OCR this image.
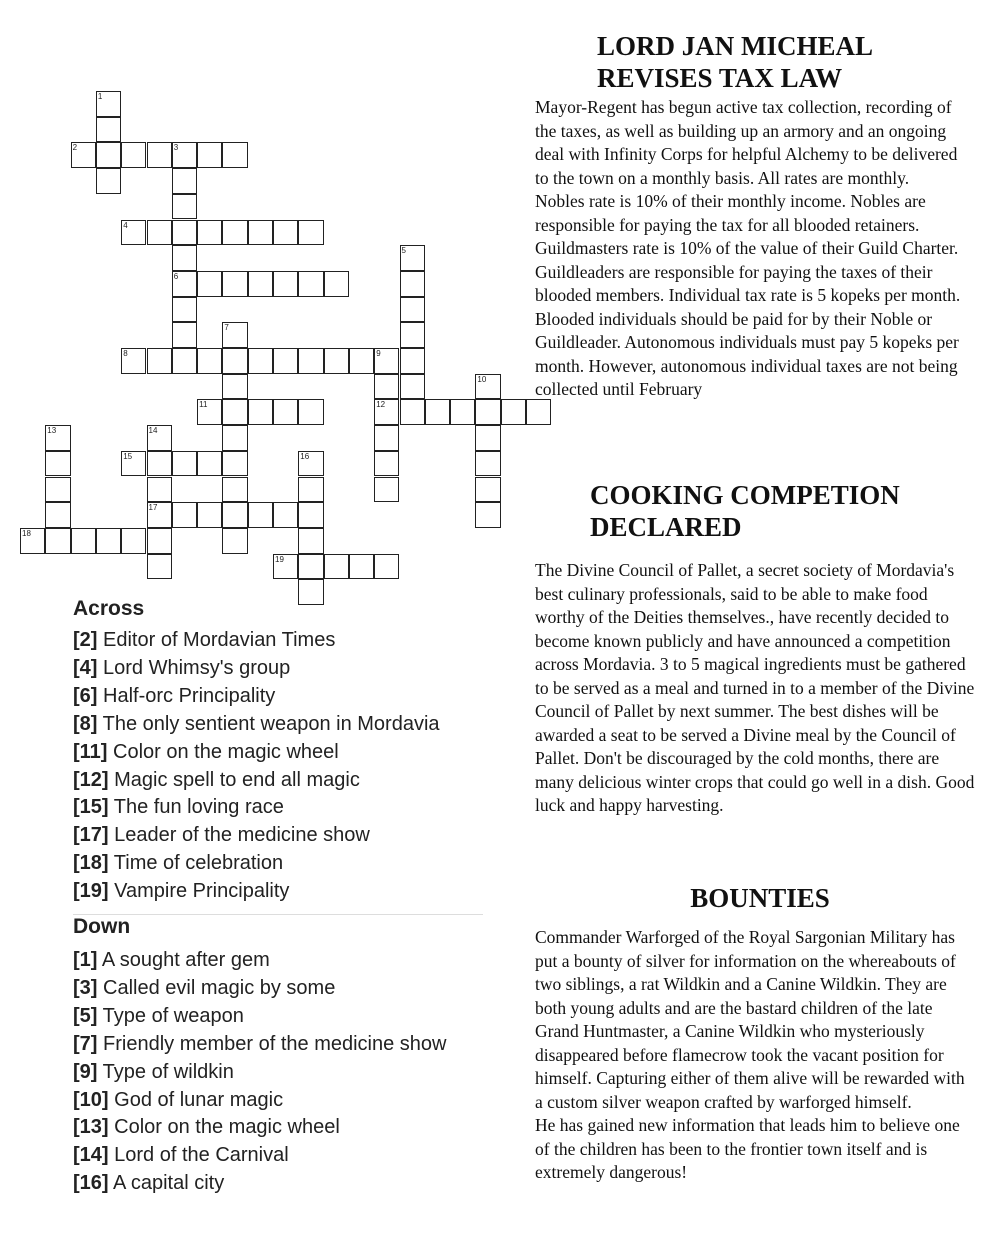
1
2	3
4
5
6
7
8	9
10
11	12
13	14
15	16
17
18
19
Across
[2] Editor of Mordavian Times
[4] Lord Whimsy's group
[6] Half-orc Principality
[8] The only sentient weapon in Mordavia
[11] Color on the magic wheel
[12] Magic spell to end all magic
[15] The fun loving race
[17] Leader of the medicine show
[18] Time of celebration
[19] Vampire Principality
Down
[1] A sought after gem
[3] Called evil magic by some
[5] Type of weapon
[7] Friendly member of the medicine show
[9] Type of wildkin
[10] God of lunar magic
[13] Color on the magic wheel
[14] Lord of the Carnival
[16] A capital city
LORD JAN MICHEAL
REVISES TAX LAW

Mayor-Regent has begun active tax collection, recording of the taxes, as well as building up an armory and an ongoing deal with Infinity Corps for helpful Alchemy to be delivered to the town on a monthly basis. All rates are monthly.

Nobles rate is 10% of their monthly income. Nobles are responsible for paying the tax for all blooded retainers.

Guildmasters rate is 10% of the value of their Guild Charter. Guildleaders are responsible for paying the taxes of their blooded members. Individual tax rate is 5 kopeks per month. Blooded individuals should be paid for by their Noble or Guildleader. Autonomous individuals must pay 5 kopeks per month. However, autonomous individual taxes are not being collected until February

COOKING COMPETION
DECLARED

The Divine Council of Pallet, a secret society of Mordavia's best culinary professionals, said to be able to make food worthy of the Deities themselves., have recently decided to become known publicly and have announced a competition across Mordavia. 3 to 5 magical ingredients must be gathered to be served as a meal and turned in to a member of the Divine Council of Pallet by next summer. The best dishes will be awarded a seat to be served a Divine meal by the Council of Pallet. Don't be discouraged by the cold months, there are many delicious winter crops that could go well in a dish. Good luck and happy harvesting.

BOUNTIES

Commander Warforged of the Royal Sargonian Military has put a bounty of silver for information on the whereabouts of two siblings, a rat Wildkin and a Canine Wildkin. They are both young adults and are the bastard children of the late Grand Huntmaster, a Canine Wildkin who mysteriously disappeared before flamecrow took the vacant position for himself. Capturing either of them alive will be rewarded with a custom silver weapon crafted by warforged himself.

He has gained new information that leads him to believe one of the children has been to the frontier town itself and is extremely dangerous!
